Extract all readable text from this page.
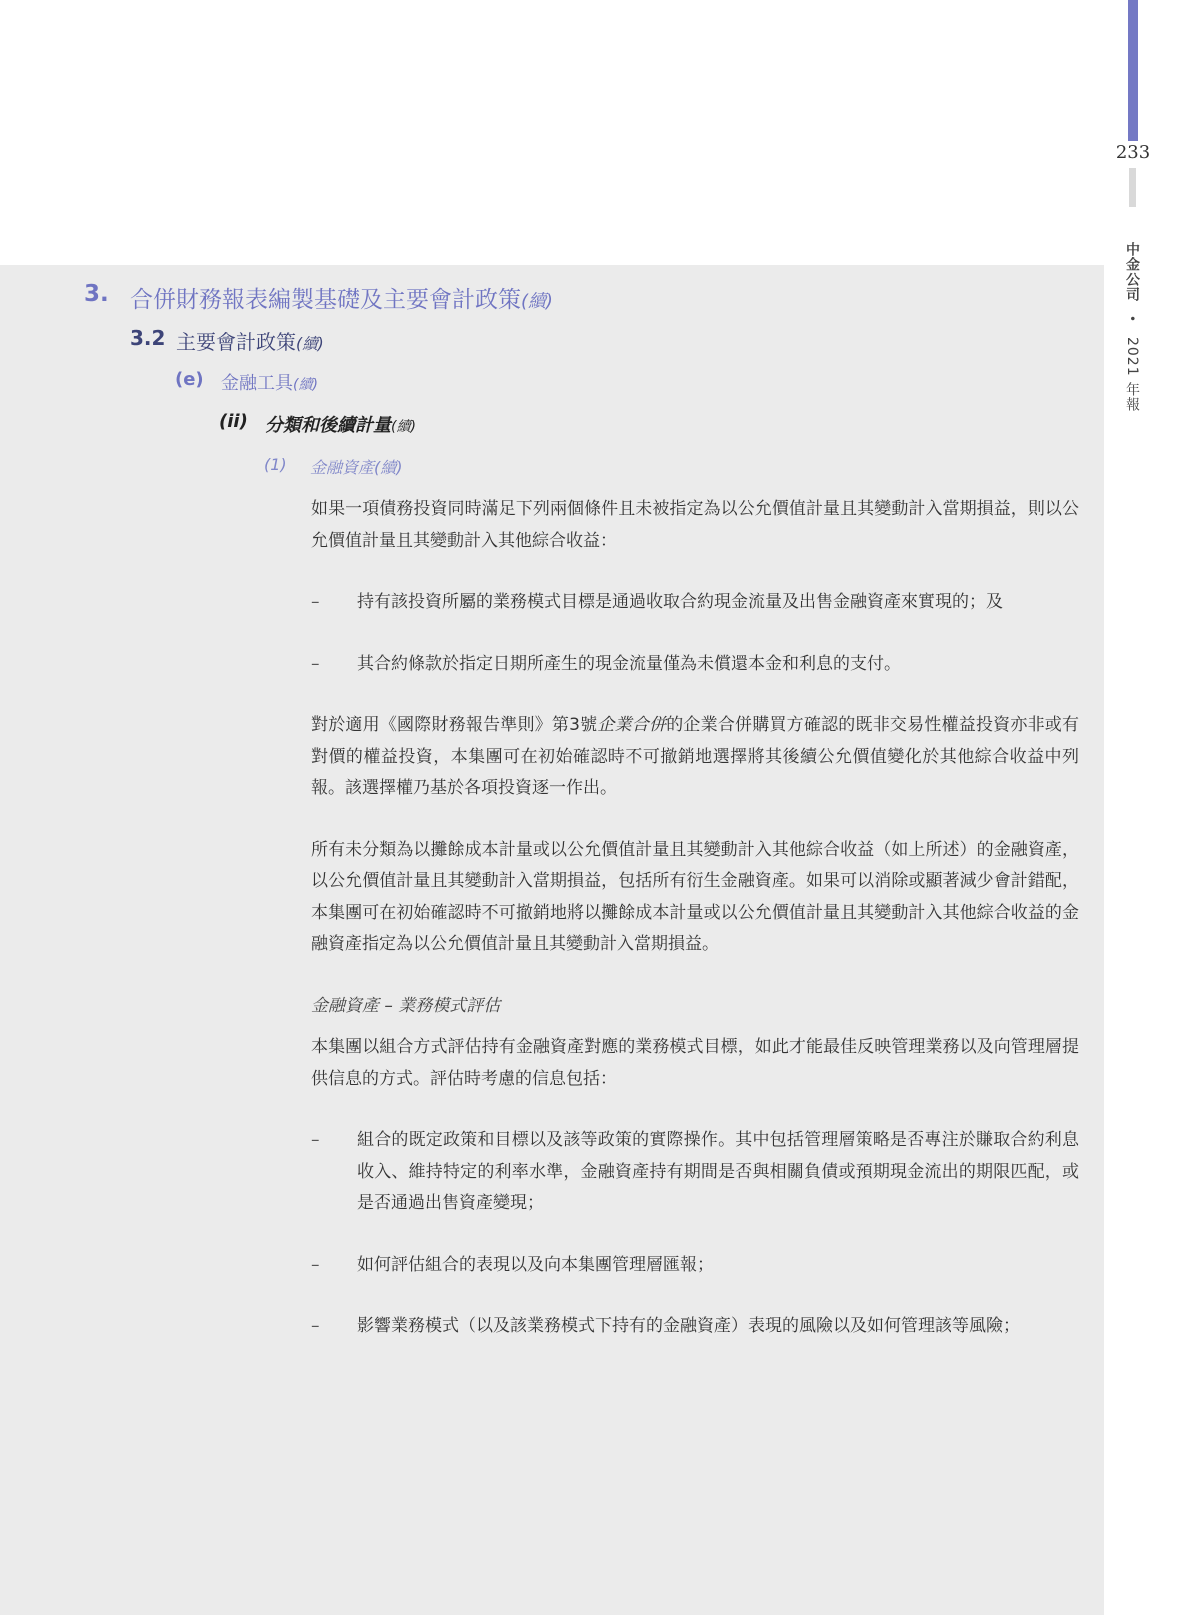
233
中金公司 • 2021 年報
3. 合併財務報表編製基礎及主要會計政策(續)
3.2 主要會計政策(續)
(e) 金融工具(續)
(ii) 分類和後續計量(續)
(1) 金融資產(續)

如果一項債務投資同時滿足下列兩個條件且未被指定為以公允價值計量且其變動計入當期損益，則以公允價值計量且其變動計入其他綜合收益：

–	持有該投資所屬的業務模式目標是通過收取合約現金流量及出售金融資產來實現的；及
–	其合約條款於指定日期所產生的現金流量僅為未償還本金和利息的支付。

對於適用《國際財務報告準則》第3號企業合併的企業合併購買方確認的既非交易性權益投資亦非或有對價的權益投資，本集團可在初始確認時不可撤銷地選擇將其後續公允價值變化於其他綜合收益中列報。該選擇權乃基於各項投資逐一作出。

所有未分類為以攤餘成本計量或以公允價值計量且其變動計入其他綜合收益（如上所述）的金融資產，以公允價值計量且其變動計入當期損益，包括所有衍生金融資產。如果可以消除或顯著減少會計錯配，本集團可在初始確認時不可撤銷地將以攤餘成本計量或以公允價值計量且其變動計入其他綜合收益的金融資產指定為以公允價值計量且其變動計入當期損益。

金融資產 – 業務模式評估

本集團以組合方式評估持有金融資產對應的業務模式目標，如此才能最佳反映管理業務以及向管理層提供信息的方式。評估時考慮的信息包括：

–	組合的既定政策和目標以及該等政策的實際操作。其中包括管理層策略是否專注於賺取合約利息收入、維持特定的利率水準，金融資產持有期間是否與相關負債或預期現金流出的期限匹配，或是否通過出售資產變現；
–	如何評估組合的表現以及向本集團管理層匯報；
–	影響業務模式（以及該業務模式下持有的金融資產）表現的風險以及如何管理該等風險；
